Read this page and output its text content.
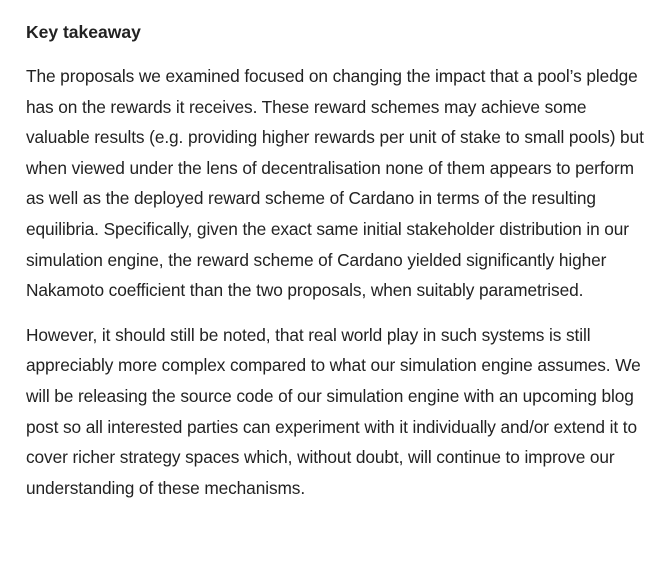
Key takeaway

The proposals we examined focused on changing the impact that a pool’s pledge has on the rewards it receives. These reward schemes may achieve some valuable results (e.g. providing higher rewards per unit of stake to small pools) but when viewed under the lens of decentralisation none of them appears to perform as well as the deployed reward scheme of Cardano in terms of the resulting equilibria. Specifically, given the exact same initial stakeholder distribution in our simulation engine, the reward scheme of Cardano yielded significantly higher Nakamoto coefficient than the two proposals, when suitably parametrised.

However, it should still be noted, that real world play in such systems is still appreciably more complex compared to what our simulation engine assumes. We will be releasing the source code of our simulation engine with an upcoming blog post so all interested parties can experiment with it individually and/or extend it to cover richer strategy spaces which, without doubt, will continue to improve our understanding of these mechanisms.
